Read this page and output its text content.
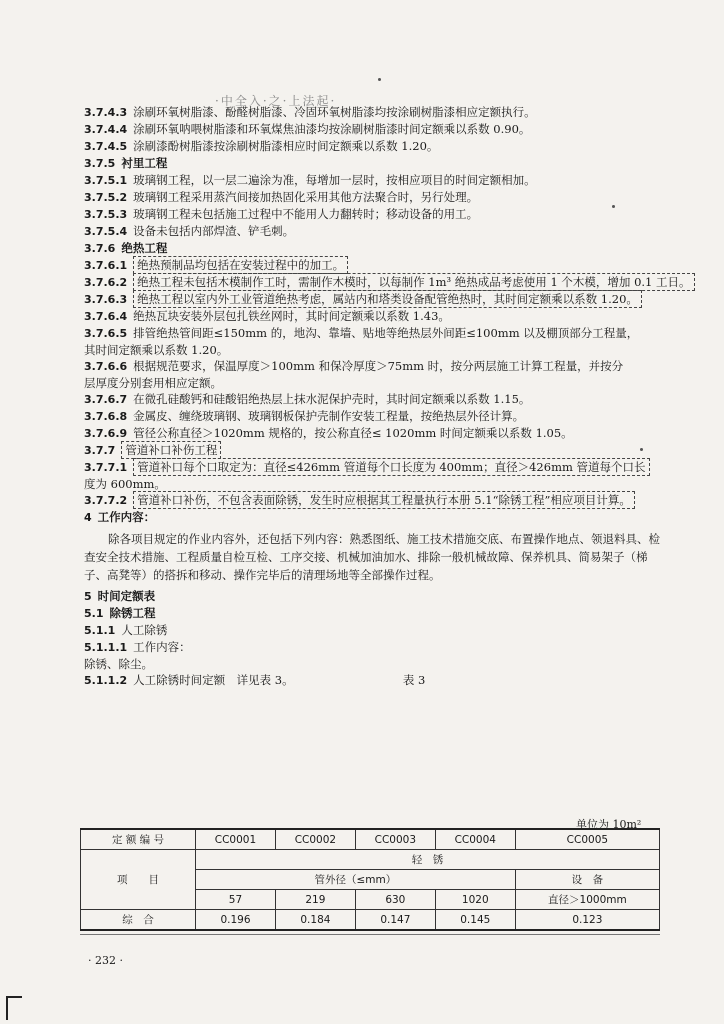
·中全入·之·上法起·
3.7.4.3 涂刷环氧树脂漆、酚醛树脂漆、冷固环氧树脂漆均按涂刷树脂漆相应定额执行。
3.7.4.4 涂刷环氧呐喂树脂漆和环氧煤焦油漆均按涂刷树脂漆时间定额乘以系数 0.90。
3.7.4.5 涂刷漆酚树脂漆按涂刷树脂漆相应时间定额乘以系数 1.20。
3.7.5 衬里工程
3.7.5.1 玻璃钢工程，以一层二遍涂为准，每增加一层时，按相应项目的时间定额相加。
3.7.5.2 玻璃钢工程采用蒸汽间接加热固化采用其他方法聚合时，另行处理。
3.7.5.3 玻璃钢工程未包括施工过程中不能用人力翻转时；移动设备的用工。
3.7.5.4 设备未包括内部焊渣、铲毛刺。
3.7.6 绝热工程
3.7.6.1 绝热预制品均包括在安装过程中的加工。
3.7.6.2 绝热工程未包括木模制作工时，需制作木模时，以每制作 1m³ 绝热成品考虑使用 1 个木模，增加 0.1 工日。
3.7.6.3 绝热工程以室内外工业管道绝热考虑，属站内和塔类设备配管绝热时，其时间定额乘以系数 1.20。
3.7.6.4 绝热瓦块安装外层包扎铁丝网时，其时间定额乘以系数 1.43。
3.7.6.5 排管绝热管间距≤150mm 的，地沟、靠墙、贴地等绝热层外间距≤100mm 以及棚顶部分工程量，
其时间定额乘以系数 1.20。
3.7.6.6 根据规范要求，保温厚度＞100mm 和保冷厚度＞75mm 时，按分两层施工计算工程量，并按分
层厚度分别套用相应定额。
3.7.6.7 在微孔硅酸钙和硅酸铝绝热层上抹水泥保护壳时，其时间定额乘以系数 1.15。
3.7.6.8 金属皮、缠绕玻璃钢、玻璃钢板保护壳制作安装工程量，按绝热层外径计算。
3.7.6.9 管径公称直径＞1020mm 规格的，按公称直径≤ 1020mm 时间定额乘以系数 1.05。
3.7.7 管道补口补伤工程
3.7.7.1 管道补口每个口取定为：直径≤426mm 管道每个口长度为 400mm；直径＞426mm 管道每个口长
度为 600mm。
3.7.7.2 管道补口补伤，不包含表面除锈，发生时应根据其工程量执行本册 5.1“除锈工程”相应项目计算。
4 工作内容：

除各项目规定的作业内容外，还包括下列内容：熟悉图纸、施工技术措施交底、布置操作地点、领退料具、检查安全技术措施、工程质量自检互检、工序交接、机械加油加水、排除一般机械故障、保养机具、简易架子（梯子、高凳等）的搭拆和移动、操作完毕后的清理场地等全部操作过程。

5 时间定额表
5.1 除锈工程
5.1.1 人工除锈
5.1.1.1 工作内容：
除锈、除尘。
5.1.1.2 人工除锈时间定额　详见表 3。　　　　　　　　　　表 3
单位为 10m²
定 额 编 号	CC0001	CC0002	CC0003	CC0004	CC0005
项　　目	轻　锈				
	管外径（≤mm）				设　备
	57	219	630	1020	直径＞1000mm
综　合	0.196	0.184	0.147	0.145	0.123
· 232 ·
